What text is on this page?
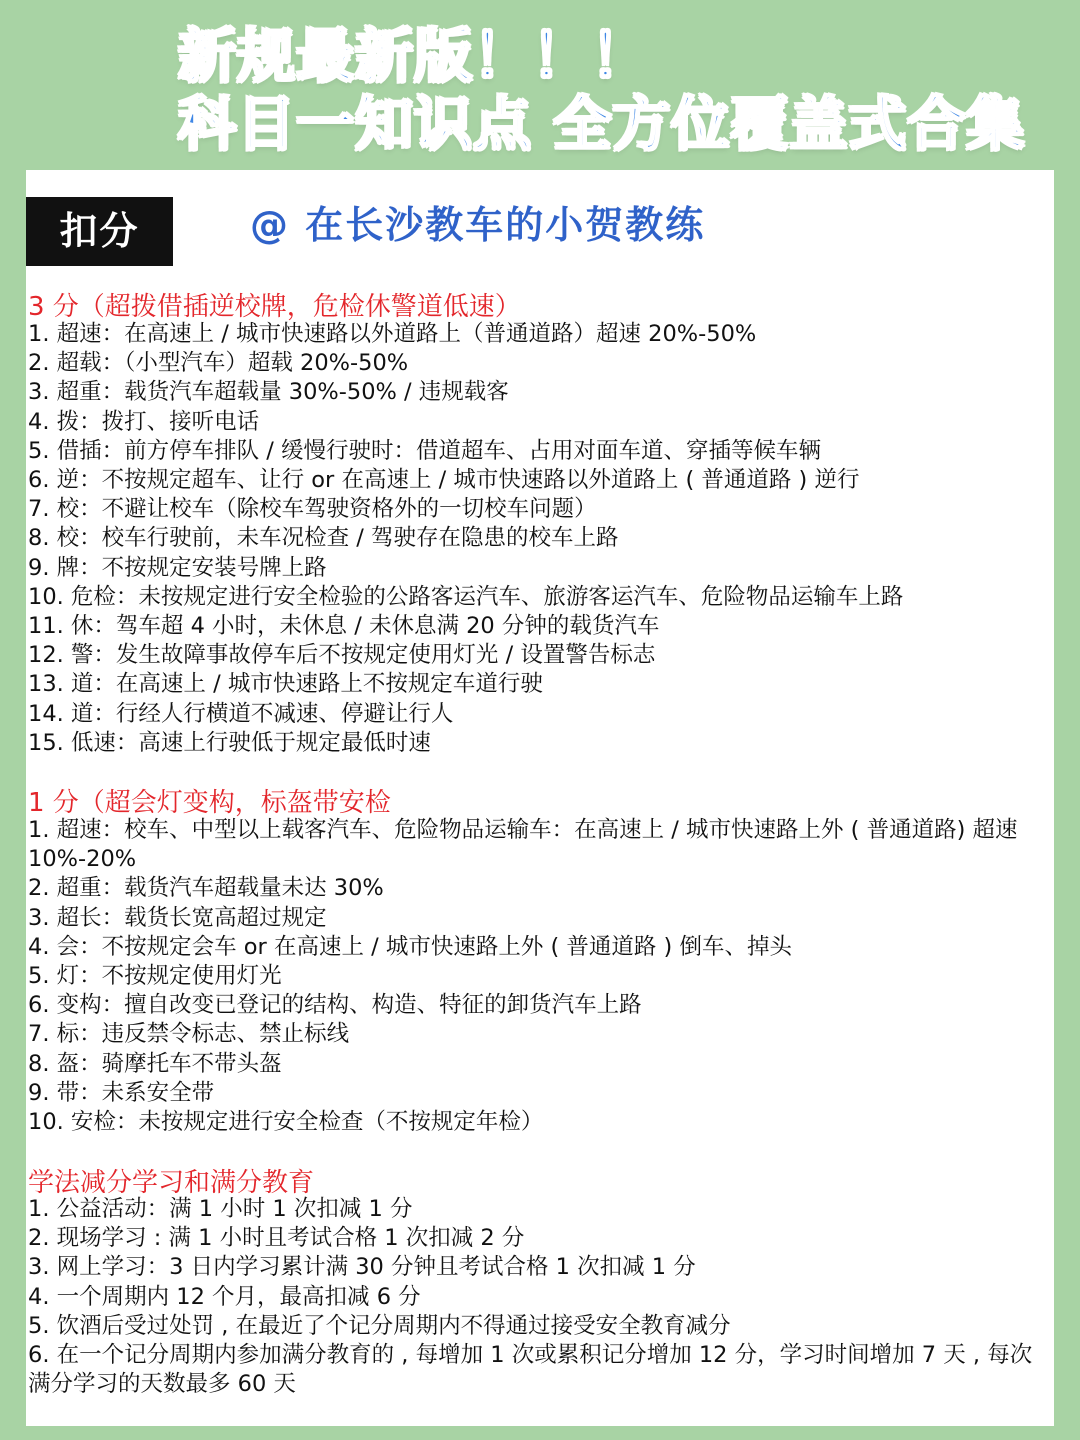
新规最新版！！！
科目一知识点 全方位覆盖式合集
扣分	@ 在长沙教车的小贺教练
3 分（超拨借插逆校牌，危检休警道低速）
1. 超速：在高速上 / 城市快速路以外道路上（普通道路）超速 20%-50%
2. 超载：（小型汽车）超载 20%-50%
3. 超重：载货汽车超载量 30%-50% / 违规载客
4. 拨：拨打、接听电话
5. 借插：前方停车排队 / 缓慢行驶时：借道超车、占用对面车道、穿插等候车辆
6. 逆：不按规定超车、让行 or 在高速上 / 城市快速路以外道路上 ( 普通道路 ) 逆行
7. 校：不避让校车（除校车驾驶资格外的一切校车问题）
8. 校：校车行驶前，未车况检查 / 驾驶存在隐患的校车上路
9. 牌：不按规定安装号牌上路
10. 危检：未按规定进行安全检验的公路客运汽车、旅游客运汽车、危险物品运输车上路
11. 休：驾车超 4 小时，未休息 / 未休息满 20 分钟的载货汽车
12. 警：发生故障事故停车后不按规定使用灯光 / 设置警告标志
13. 道：在高速上 / 城市快速路上不按规定车道行驶
14. 道：行经人行横道不减速、停避让行人
15. 低速：高速上行驶低于规定最低时速
1 分（超会灯变构，标盔带安检
1. 超速：校车、中型以上载客汽车、危险物品运输车：在高速上 / 城市快速路上外 ( 普通道路) 超速 10%-20%
2. 超重：载货汽车超载量未达 30%
3. 超长：载货长宽高超过规定
4. 会：不按规定会车 or 在高速上 / 城市快速路上外 ( 普通道路 ) 倒车、掉头
5. 灯：不按规定使用灯光
6. 变构：擅自改变已登记的结构、构造、特征的卸货汽车上路
7. 标：违反禁令标志、禁止标线
8. 盔：骑摩托车不带头盔
9. 带：未系安全带
10. 安检：未按规定进行安全检查（不按规定年检）
学法减分学习和满分教育
1. 公益活动：满 1 小时 1 次扣减 1 分
2. 现场学习 : 满 1 小时且考试合格 1 次扣减 2 分
3. 网上学习：3 日内学习累计满 30 分钟且考试合格 1 次扣减 1 分
4. 一个周期内 12 个月，最高扣减 6 分
5. 饮酒后受过处罚 , 在最近了个记分周期内不得通过接受安全教育减分
6. 在一个记分周期内参加满分教育的 , 每增加 1 次或累积记分增加 12 分，学习时间增加 7 天 , 每次满分学习的天数最多 60 天
